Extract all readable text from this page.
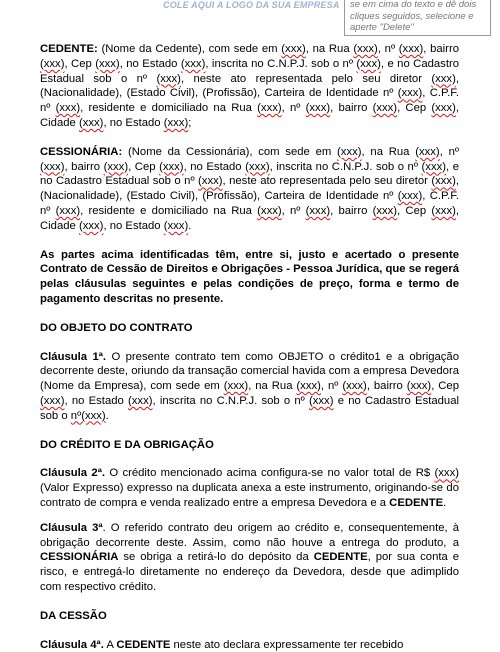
COLE AQUI A LOGO DA SUA EMPRESA	se em cima do texto e dê dois cliques seguidos, selecione e aperte "Delete"

CEDENTE: (Nome da Cedente), com sede em (xxx), na Rua (xxx), nº (xxx), bairro (xxx), Cep (xxx), no Estado (xxx), inscrita no C.N.P.J. sob o nº (xxx), e no Cadastro Estadual sob o nº (xxx), neste ato representada pelo seu diretor (xxx), (Nacionalidade), (Estado Civil), (Profissão), Carteira de Identidade nº (xxx), C.P.F. nº (xxx), residente e domiciliado na Rua (xxx), nº (xxx), bairro (xxx), Cep (xxx), Cidade (xxx), no Estado (xxx);

CESSIONÁRIA: (Nome da Cessionária), com sede em (xxx), na Rua (xxx), nº (xxx), bairro (xxx), Cep (xxx), no Estado (xxx), inscrita no C.N.P.J. sob o nº (xxx), e no Cadastro Estadual sob o nº (xxx), neste ato representada pelo seu diretor (xxx), (Nacionalidade), (Estado Civil), (Profissão), Carteira de Identidade nº (xxx), C.P.F. nº (xxx), residente e domiciliado na Rua (xxx), nº (xxx), bairro (xxx), Cep (xxx), Cidade (xxx), no Estado (xxx).

As partes acima identificadas têm, entre si, justo e acertado o presente Contrato de Cessão de Direitos e Obrigações - Pessoa Jurídica, que se regerá pelas cláusulas seguintes e pelas condições de preço, forma e termo de pagamento descritas no presente.

DO OBJETO DO CONTRATO

Cláusula 1ª. O presente contrato tem como OBJETO o crédito1 e a obrigação decorrente deste, oriundo da transação comercial havida com a empresa Devedora (Nome da Empresa), com sede em (xxx), na Rua (xxx), nº (xxx), bairro (xxx), Cep (xxx), no Estado (xxx), inscrita no C.N.P.J. sob o nº (xxx) e no Cadastro Estadual sob o nº(xxx).

DO CRÉDITO E DA OBRIGAÇÃO

Cláusula 2ª. O crédito mencionado acima configura-se no valor total de R$ (xxx) (Valor Expresso) expresso na duplicata anexa a este instrumento, originando-se do contrato de compra e venda realizado entre a empresa Devedora e a CEDENTE.

Cláusula 3ª. O referido contrato deu origem ao crédito e, consequentemente, à obrigação decorrente deste. Assim, como não houve a entrega do produto, a CESSIONÁRIA se obriga a retirá-lo do depósito da CEDENTE, por sua conta e risco, e entregá-lo diretamente no endereço da Devedora, desde que adimplido com respectivo crédito.

DA CESSÃO

Cláusula 4ª. A CEDENTE neste ato declara expressamente ter recebido
